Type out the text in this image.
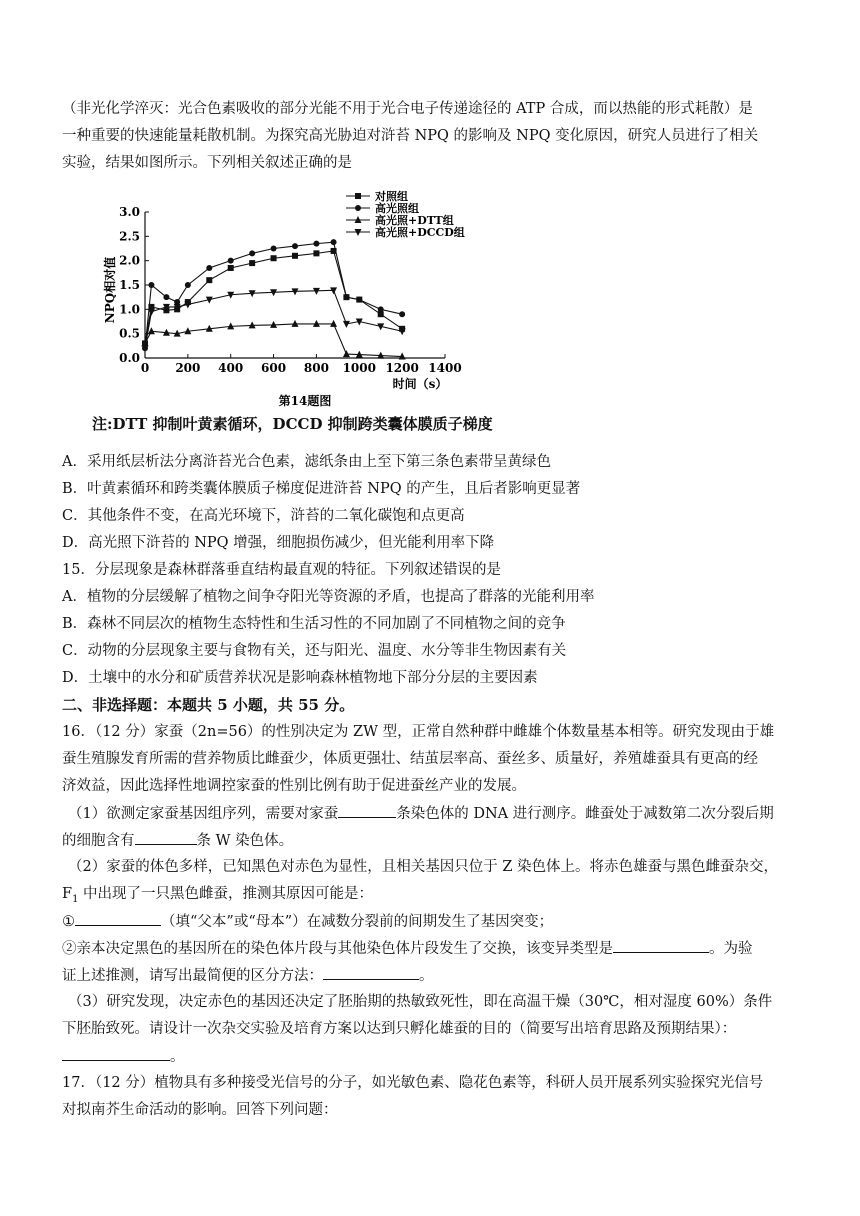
（非光化学淬灭：光合色素吸收的部分光能不用于光合电子传递途径的 ATP 合成，而以热能的形式耗散）是
一种重要的快速能量耗散机制。为探究高光胁迫对浒苔 NPQ 的影响及 NPQ 变化原因，研究人员进行了相关
实验，结果如图所示。下列相关叙述正确的是
0 200 400 600 800 1000 1200 1400
0.0
0.5
1.0
1.5
2.0
2.5
3.0
对照组
高光照组
高光照+DTT组
高光照+DCCD组
NPQ相对值
时间（s）
第14题图
注:DTT 抑制叶黄素循环，DCCD 抑制跨类囊体膜质子梯度
A．采用纸层析法分离浒苔光合色素，滤纸条由上至下第三条色素带呈黄绿色
B．叶黄素循环和跨类囊体膜质子梯度促进浒苔 NPQ 的产生，且后者影响更显著
C．其他条件不变，在高光环境下，浒苔的二氧化碳饱和点更高
D．高光照下浒苔的 NPQ 增强，细胞损伤减少，但光能利用率下降
15．分层现象是森林群落垂直结构最直观的特征。下列叙述错误的是
A．植物的分层缓解了植物之间争夺阳光等资源的矛盾，也提高了群落的光能利用率
B．森林不同层次的植物生态特性和生活习性的不同加剧了不同植物之间的竞争
C．动物的分层现象主要与食物有关，还与阳光、温度、水分等非生物因素有关
D．土壤中的水分和矿质营养状况是影响森林植物地下部分分层的主要因素
二、非选择题：本题共 5 小题，共 55 分。
16．（12 分）家蚕（2n=56）的性别决定为 ZW 型，正常自然种群中雌雄个体数量基本相等。研究发现由于雄
蚕生殖腺发育所需的营养物质比雌蚕少，体质更强壮、结茧层率高、蚕丝多、质量好，养殖雄蚕具有更高的经
济效益，因此选择性地调控家蚕的性别比例有助于促进蚕丝产业的发展。
（1）欲测定家蚕基因组序列，需要对家蚕	条染色体的 DNA 进行测序。雌蚕处于减数第二次分裂后期
的细胞含有	条 W 染色体。
（2）家蚕的体色多样，已知黑色对赤色为显性，且相关基因只位于 Z 染色体上。将赤色雄蚕与黑色雌蚕杂交，
$F_1$ 中出现了一只黑色雌蚕，推测其原因可能是：
①	（填“父本”或“母本”）在减数分裂前的间期发生了基因突变；
②亲本决定黑色的基因所在的染色体片段与其他染色体片段发生了交换，该变异类型是	。为验
证上述推测，请写出最简便的区分方法：	。
（3）研究发现，决定赤色的基因还决定了胚胎期的热敏致死性，即在高温干燥（30℃，相对湿度 60%）条件
下胚胎致死。请设计一次杂交实验及培育方案以达到只孵化雄蚕的目的（简要写出培育思路及预期结果）：
。
17．（12 分）植物具有多种接受光信号的分子，如光敏色素、隐花色素等，科研人员开展系列实验探究光信号
对拟南芥生命活动的影响。回答下列问题：
